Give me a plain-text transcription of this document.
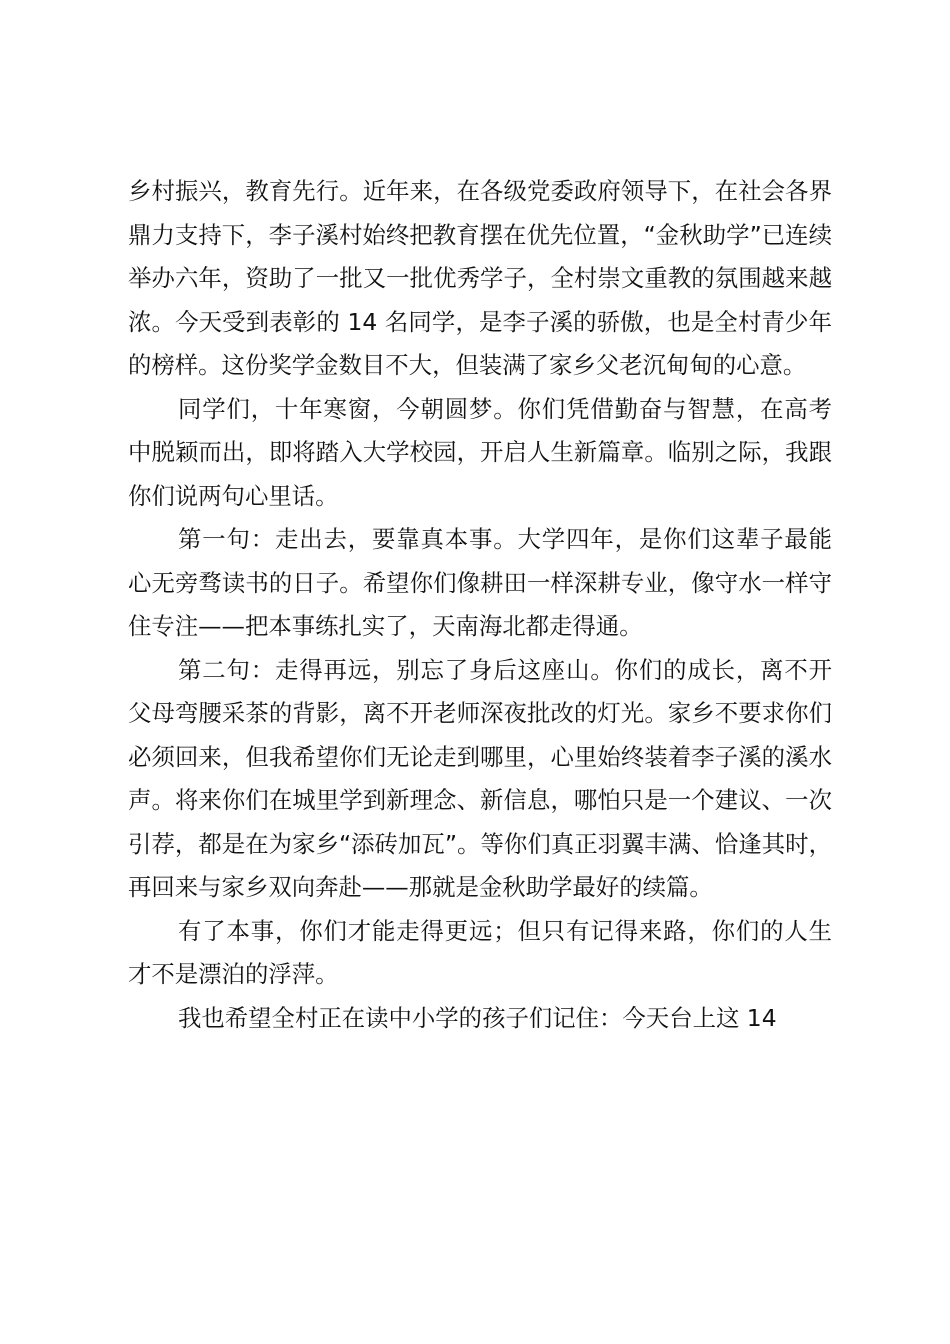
乡村振兴，教育先行。近年来，在各级党委政府领导下，在社会各界鼎力支持下，李子溪村始终把教育摆在优先位置，“金秋助学”已连续举办六年，资助了一批又一批优秀学子，全村崇文重教的氛围越来越浓。今天受到表彰的 14 名同学，是李子溪的骄傲，也是全村青少年的榜样。这份奖学金数目不大，但装满了家乡父老沉甸甸的心意。

同学们，十年寒窗，今朝圆梦。你们凭借勤奋与智慧，在高考中脱颖而出，即将踏入大学校园，开启人生新篇章。临别之际，我跟你们说两句心里话。

第一句：走出去，要靠真本事。大学四年，是你们这辈子最能心无旁骛读书的日子。希望你们像耕田一样深耕专业，像守水一样守住专注——把本事练扎实了，天南海北都走得通。

第二句：走得再远，别忘了身后这座山。你们的成长，离不开父母弯腰采茶的背影，离不开老师深夜批改的灯光。家乡不要求你们必须回来，但我希望你们无论走到哪里，心里始终装着李子溪的溪水声。将来你们在城里学到新理念、新信息，哪怕只是一个建议、一次引荐，都是在为家乡“添砖加瓦”。等你们真正羽翼丰满、恰逢其时，再回来与家乡双向奔赴——那就是金秋助学最好的续篇。

有了本事，你们才能走得更远；但只有记得来路，你们的人生才不是漂泊的浮萍。

我也希望全村正在读中小学的孩子们记住：今天台上这 14
